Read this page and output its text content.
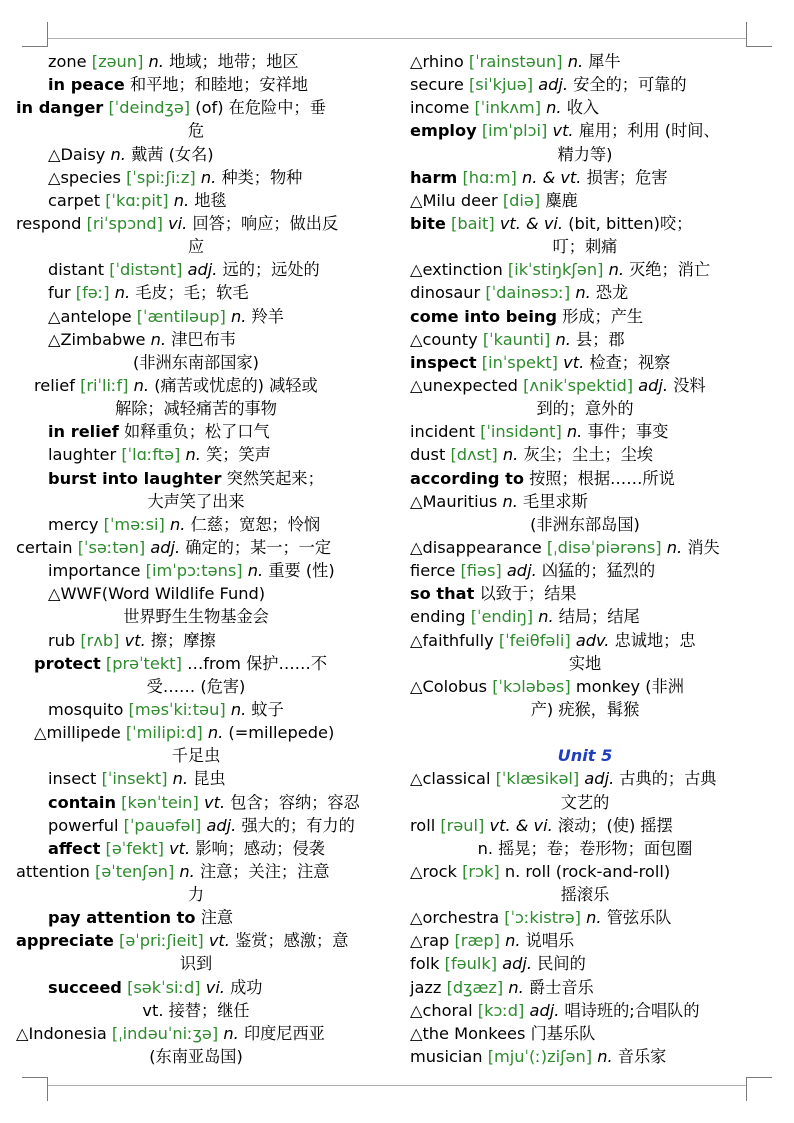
zone [zəun] n. 地域；地带；地区
in peace 和平地；和睦地；安祥地
in danger [ˈdeindʒə] (of) 在危险中；垂
危
△Daisy n. 戴茜 (女名)
△species [ˈspiːʃiːz] n. 种类；物种
carpet [ˈkɑːpit] n. 地毯
respond [riˈspɔnd] vi. 回答；响应；做出反
应
distant [ˈdistənt] adj. 远的；远处的
fur [fəː] n. 毛皮；毛；软毛
△antelope [ˈæntiləup] n. 羚羊
△Zimbabwe n. 津巴布韦
(非洲东南部国家)
relief [riˈliːf] n. (痛苦或忧虑的) 减轻或
解除；减轻痛苦的事物
in relief 如释重负；松了口气
laughter [ˈlɑːftə] n. 笑；笑声
burst into laughter 突然笑起来；
大声笑了出来
mercy [ˈməːsi] n. 仁慈；宽恕；怜悯
certain [ˈsəːtən] adj. 确定的；某一；一定
importance [imˈpɔːtəns] n. 重要 (性)
△WWF(Word Wildlife Fund)
世界野生生物基金会
rub [rʌb] vt. 擦；摩擦
protect [prəˈtekt] …from 保护……不
受…… (危害)
mosquito [məsˈkiːtəu] n. 蚊子
△millipede [ˈmilipiːd] n. (=millepede)
千足虫
insect [ˈinsekt] n. 昆虫
contain [kənˈtein] vt. 包含；容纳；容忍
powerful [ˈpauəfəl] adj. 强大的；有力的
affect [əˈfekt] vt. 影响；感动；侵袭
attention [əˈtenʃən] n. 注意；关注；注意
力
pay attention to 注意
appreciate [əˈpriːʃieit] vt. 鉴赏；感激；意
识到
succeed [səkˈsiːd] vi. 成功
vt. 接替；继任
△Indonesia [ˌindəuˈniːʒə] n. 印度尼西亚
(东南亚岛国)
△rhino [ˈrainstəun] n. 犀牛
secure [siˈkjuə] adj. 安全的；可靠的
income [ˈinkʌm] n. 收入
employ [imˈplɔi] vt. 雇用；利用 (时间、
精力等)
harm [hɑːm] n. & vt. 损害；危害
△Milu deer [diə] 麋鹿
bite [bait] vt. & vi. (bit, bitten)咬；
叮；刺痛
△extinction [ikˈstiŋkʃən] n. 灭绝；消亡
dinosaur [ˈdainəsɔː] n. 恐龙
come into being 形成；产生
△county [ˈkaunti] n. 县；郡
inspect [inˈspekt] vt. 检查；视察
△unexpected [ʌnikˈspektid] adj. 没料
到的；意外的
incident [ˈinsidənt] n. 事件；事变
dust [dʌst] n. 灰尘；尘土；尘埃
according to 按照；根据……所说
△Mauritius n. 毛里求斯
(非洲东部岛国)
△disappearance [ˌdisəˈpiərəns] n. 消失
fierce [fiəs] adj. 凶猛的；猛烈的
so that 以致于；结果
ending [ˈendiŋ] n. 结局；结尾
△faithfully [ˈfeiθfəli] adv. 忠诚地；忠
实地
△Colobus [ˈkɔləbəs] monkey (非洲
产) 疣猴，髯猴
Unit 5
△classical [ˈklæsikəl] adj. 古典的；古典
文艺的
roll [rəul] vt. & vi. 滚动；(使) 摇摆
n. 摇晃；卷；卷形物；面包圈
△rock [rɔk] n. roll (rock-and-roll)
摇滚乐
△orchestra [ˈɔːkistrə] n. 管弦乐队
△rap [ræp] n. 说唱乐
folk [fəulk] adj. 民间的
jazz [dʒæz] n. 爵士音乐
△choral [kɔːd] adj. 唱诗班的;合唱队的
△the Monkees 门基乐队
musician [mjuˈ(ː)ziʃən] n. 音乐家
